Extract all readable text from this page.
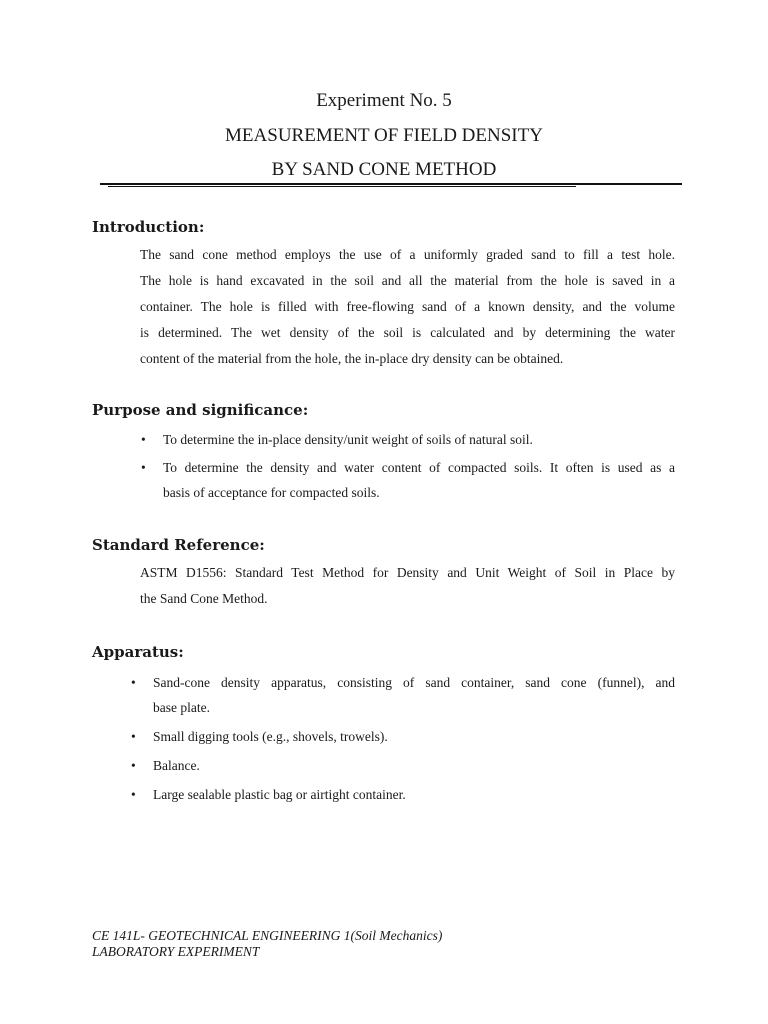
Experiment No. 5
MEASUREMENT OF FIELD DENSITY
BY SAND CONE METHOD
Introduction:
The sand cone method employs the use of a uniformly graded sand to fill a test hole.
The hole is hand excavated in the soil and all the material from the hole is saved in a
container. The hole is filled with free-flowing sand of a known density, and the volume
is determined. The wet density of the soil is calculated and by determining the water
content of the material from the hole, the in-place dry density can be obtained.
Purpose and significance:
• To determine the in-place density/unit weight of soils of natural soil.
• To determine the density and water content of compacted soils. It often is used as a
basis of acceptance for compacted soils.
Standard Reference:
ASTM D1556: Standard Test Method for Density and Unit Weight of Soil in Place by
the Sand Cone Method.
Apparatus:
• Sand-cone density apparatus, consisting of sand container, sand cone (funnel), and
base plate.
• Small digging tools (e.g., shovels, trowels).
• Balance.
• Large sealable plastic bag or airtight container.
CE 141L- GEOTECHNICAL ENGINEERING 1(Soil Mechanics)
LABORATORY EXPERIMENT
